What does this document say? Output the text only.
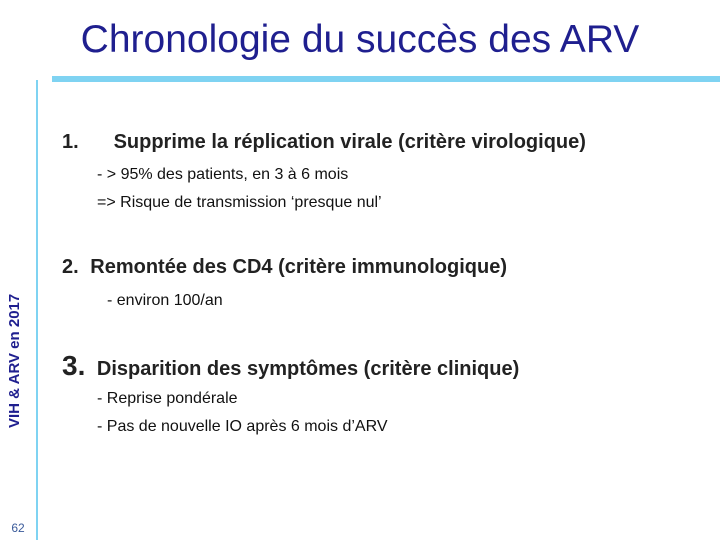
Chronologie du succès des ARV
VIH & ARV en 2017
62
1. Supprime la réplication virale (critère virologique)
- > 95% des patients, en 3 à 6 mois
=> Risque de transmission ‘presque nul’
2. Remontée des CD4 (critère immunologique)
- environ 100/an
3. Disparition des symptômes (critère clinique)
- Reprise pondérale
- Pas de nouvelle IO après 6 mois d’ARV
